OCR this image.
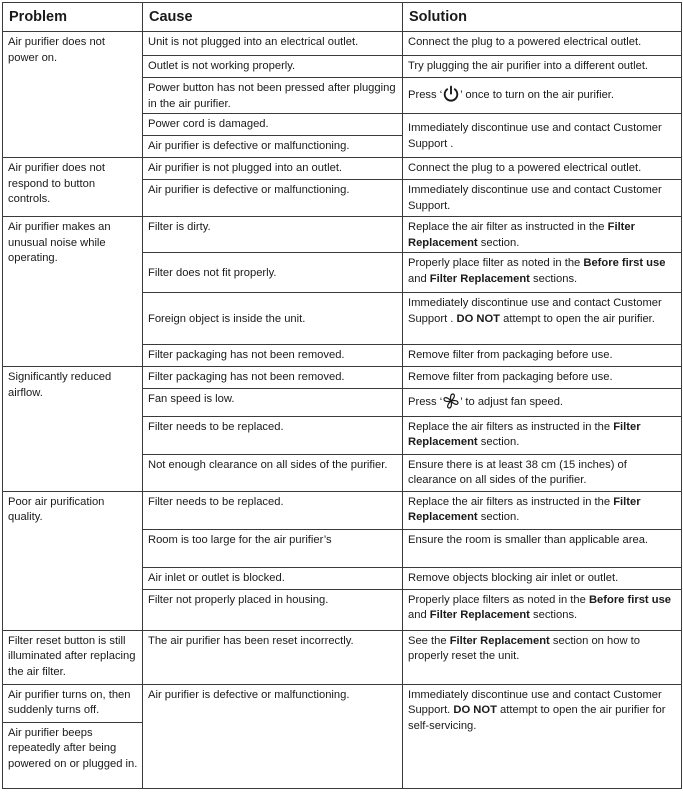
Problem	Cause	Solution
Air purifier does not power on.	Unit is not plugged into an electrical outlet.	Connect the plug to a powered electrical outlet.
	Outlet is not working properly.	Try plugging the air purifier into a different outlet.
	Power button has not been pressed after plugging in the air purifier.	Press ‘ ’ once to turn on the air purifier.
	Power cord is damaged.	Immediately discontinue use and contact Customer Support .
	Air purifier is defective or malfunctioning.	
Air purifier does not respond to button controls.	Air purifier is not plugged into an outlet.	Connect the plug to a powered electrical outlet.
	Air purifier is defective or malfunctioning.	Immediately discontinue use and contact Customer Support.
Air purifier makes an unusual noise while operating.	Filter is dirty.	Replace the air filter as instructed in the Filter Replacement section.
	Filter does not fit properly.	Properly place filter as noted in the Before first use and Filter Replacement sections.
	Foreign object is inside the unit.	Immediately discontinue use and contact Customer Support . DO NOT attempt to open the air purifier.
	Filter packaging has not been removed.	Remove filter from packaging before use.
Significantly reduced airflow.	Filter packaging has not been removed.	Remove filter from packaging before use.
	Fan speed is low.	Press ‘ ’ to adjust fan speed.
	Filter needs to be replaced.	Replace the air filters as instructed in the Filter Replacement section.
	Not enough clearance on all sides of the purifier.	Ensure there is at least 38 cm (15 inches) of clearance on all sides of the purifier.
Poor air purification quality.	Filter needs to be replaced.	Replace the air filters as instructed in the Filter Replacement section.
	Room is too large for the air purifier’s	Ensure the room is smaller than applicable area.
	Air inlet or outlet is blocked.	Remove objects blocking air inlet or outlet.
	Filter not properly placed in housing.	Properly place filters as noted in the Before first use and Filter Replacement sections.
Filter reset button is still illuminated after replacing the air filter.	The air purifier has been reset incorrectly.	See the Filter Replacement section on how to properly reset the unit.
Air purifier turns on, then suddenly turns off.	Air purifier is defective or malfunctioning.	Immediately discontinue use and contact Customer Support. DO NOT attempt to open the air purifier for self-servicing.
Air purifier beeps repeatedly after being powered on or plugged in.		
